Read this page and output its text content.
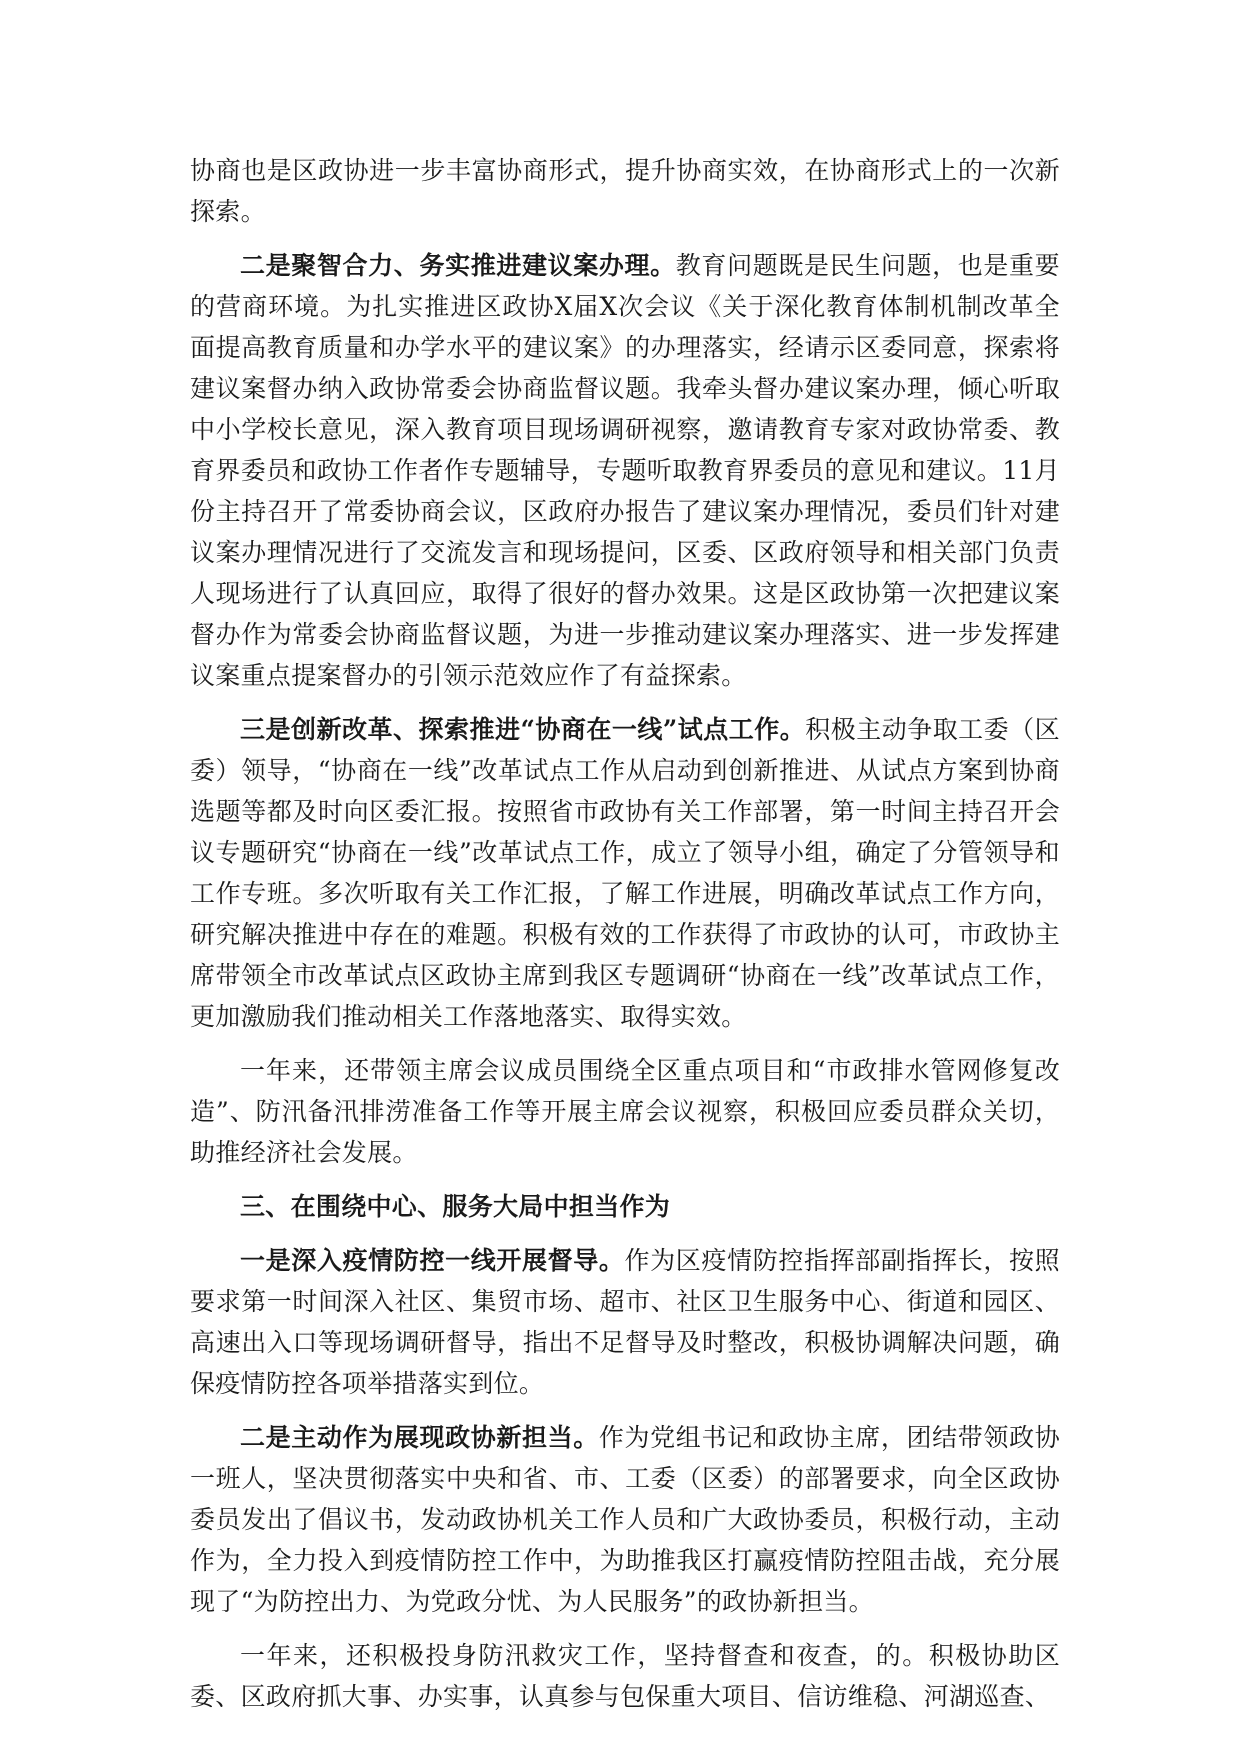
协商也是区政协进一步丰富协商形式，提升协商实效，在协商形式上的一次新探索。

二是聚智合力、务实推进建议案办理。教育问题既是民生问题，也是重要的营商环境。为扎实推进区政协Ⅹ届Ⅹ次会议《关于深化教育体制机制改革全面提高教育质量和办学水平的建议案》的办理落实，经请示区委同意，探索将建议案督办纳入政协常委会协商监督议题。我牵头督办建议案办理，倾心听取中小学校长意见，深入教育项目现场调研视察，邀请教育专家对政协常委、教育界委员和政协工作者作专题辅导，专题听取教育界委员的意见和建议。11月份主持召开了常委协商会议，区政府办报告了建议案办理情况，委员们针对建议案办理情况进行了交流发言和现场提问，区委、区政府领导和相关部门负责人现场进行了认真回应，取得了很好的督办效果。这是区政协第一次把建议案督办作为常委会协商监督议题，为进一步推动建议案办理落实、进一步发挥建议案重点提案督办的引领示范效应作了有益探索。

三是创新改革、探索推进“协商在一线”试点工作。积极主动争取工委（区委）领导，“协商在一线”改革试点工作从启动到创新推进、从试点方案到协商选题等都及时向区委汇报。按照省市政协有关工作部署，第一时间主持召开会议专题研究“协商在一线”改革试点工作，成立了领导小组，确定了分管领导和工作专班。多次听取有关工作汇报，了解工作进展，明确改革试点工作方向，研究解决推进中存在的难题。积极有效的工作获得了市政协的认可，市政协主席带领全市改革试点区政协主席到我区专题调研“协商在一线”改革试点工作，更加激励我们推动相关工作落地落实、取得实效。

一年来，还带领主席会议成员围绕全区重点项目和“市政排水管网修复改造”、防汛备汛排涝准备工作等开展主席会议视察，积极回应委员群众关切，助推经济社会发展。

三、在围绕中心、服务大局中担当作为

一是深入疫情防控一线开展督导。作为区疫情防控指挥部副指挥长，按照要求第一时间深入社区、集贸市场、超市、社区卫生服务中心、街道和园区、高速出入口等现场调研督导，指出不足督导及时整改，积极协调解决问题，确保疫情防控各项举措落实到位。

二是主动作为展现政协新担当。作为党组书记和政协主席，团结带领政协一班人，坚决贯彻落实中央和省、市、工委（区委）的部署要求，向全区政协委员发出了倡议书，发动政协机关工作人员和广大政协委员，积极行动，主动作为，全力投入到疫情防控工作中，为助推我区打赢疫情防控阻击战，充分展现了“为防控出力、为党政分忧、为人民服务”的政协新担当。

一年来，还积极投身防汛救灾工作，坚持督查和夜查，的。积极协助区委、区政府抓大事、办实事，认真参与包保重大项目、信访维稳、河湖巡查、
